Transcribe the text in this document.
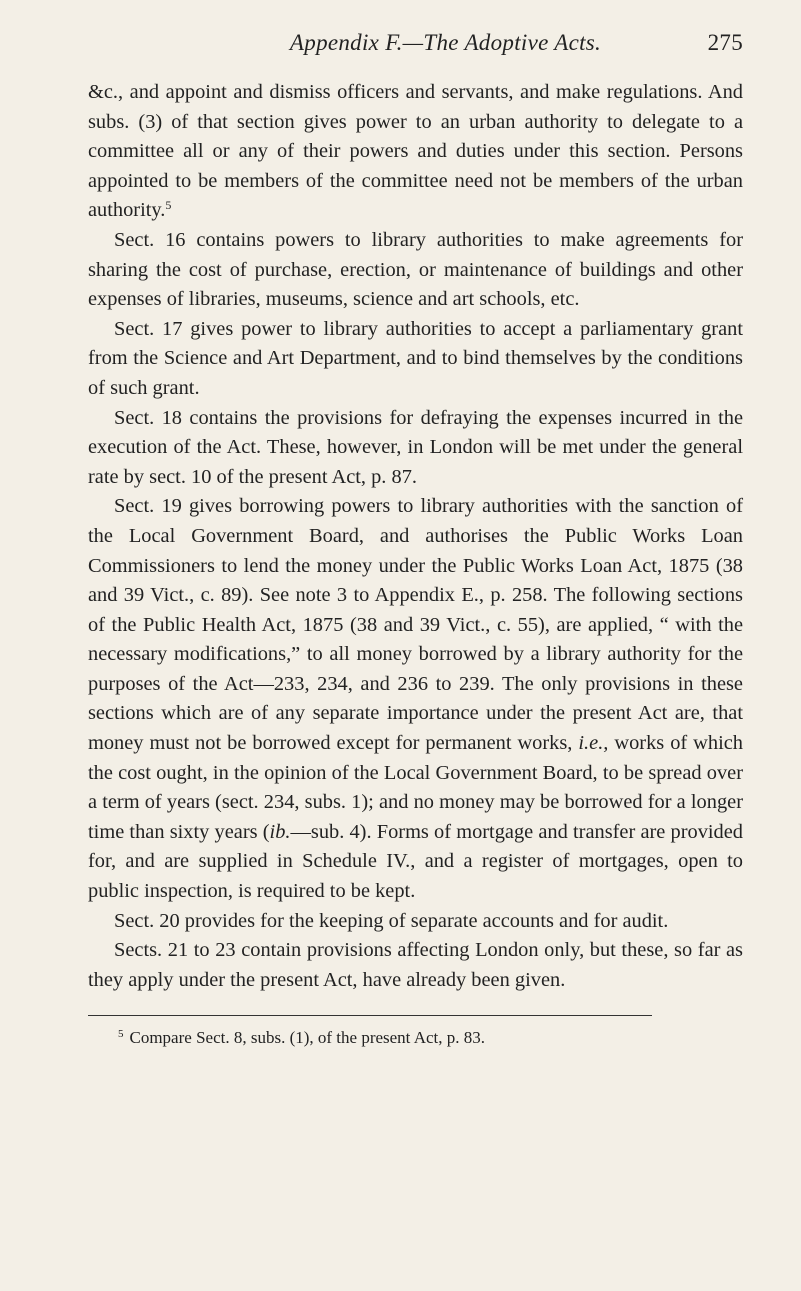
Appendix F.—The Adoptive Acts.	275

&c., and appoint and dismiss officers and servants, and make regulations. And subs. (3) of that section gives power to an urban authority to delegate to a committee all or any of their powers and duties under this section. Persons appointed to be members of the committee need not be members of the urban authority.$^5$

Sect. 16 contains powers to library authorities to make agreements for sharing the cost of purchase, erection, or maintenance of buildings and other expenses of libraries, museums, science and art schools, etc.

Sect. 17 gives power to library authorities to accept a parliamentary grant from the Science and Art Department, and to bind themselves by the conditions of such grant.

Sect. 18 contains the provisions for defraying the expenses incurred in the execution of the Act. These, however, in London will be met under the general rate by sect. 10 of the present Act, p. 87.

Sect. 19 gives borrowing powers to library authorities with the sanction of the Local Government Board, and authorises the Public Works Loan Commissioners to lend the money under the Public Works Loan Act, 1875 (38 and 39 Vict., c. 89). See note 3 to Appendix E., p. 258. The following sections of the Public Health Act, 1875 (38 and 39 Vict., c. 55), are applied, “ with the necessary modifications,” to all money borrowed by a library authority for the purposes of the Act—233, 234, and 236 to 239. The only provisions in these sections which are of any separate importance under the present Act are, that money must not be borrowed except for permanent works, i.e., works of which the cost ought, in the opinion of the Local Government Board, to be spread over a term of years (sect. 234, subs. 1); and no money may be borrowed for a longer time than sixty years (ib.—sub. 4). Forms of mortgage and transfer are provided for, and are supplied in Schedule IV., and a register of mortgages, open to public inspection, is required to be kept.

Sect. 20 provides for the keeping of separate accounts and for audit.

Sects. 21 to 23 contain provisions affecting London only, but these, so far as they apply under the present Act, have already been given.

$^5$ Compare Sect. 8, subs. (1), of the present Act, p. 83.
